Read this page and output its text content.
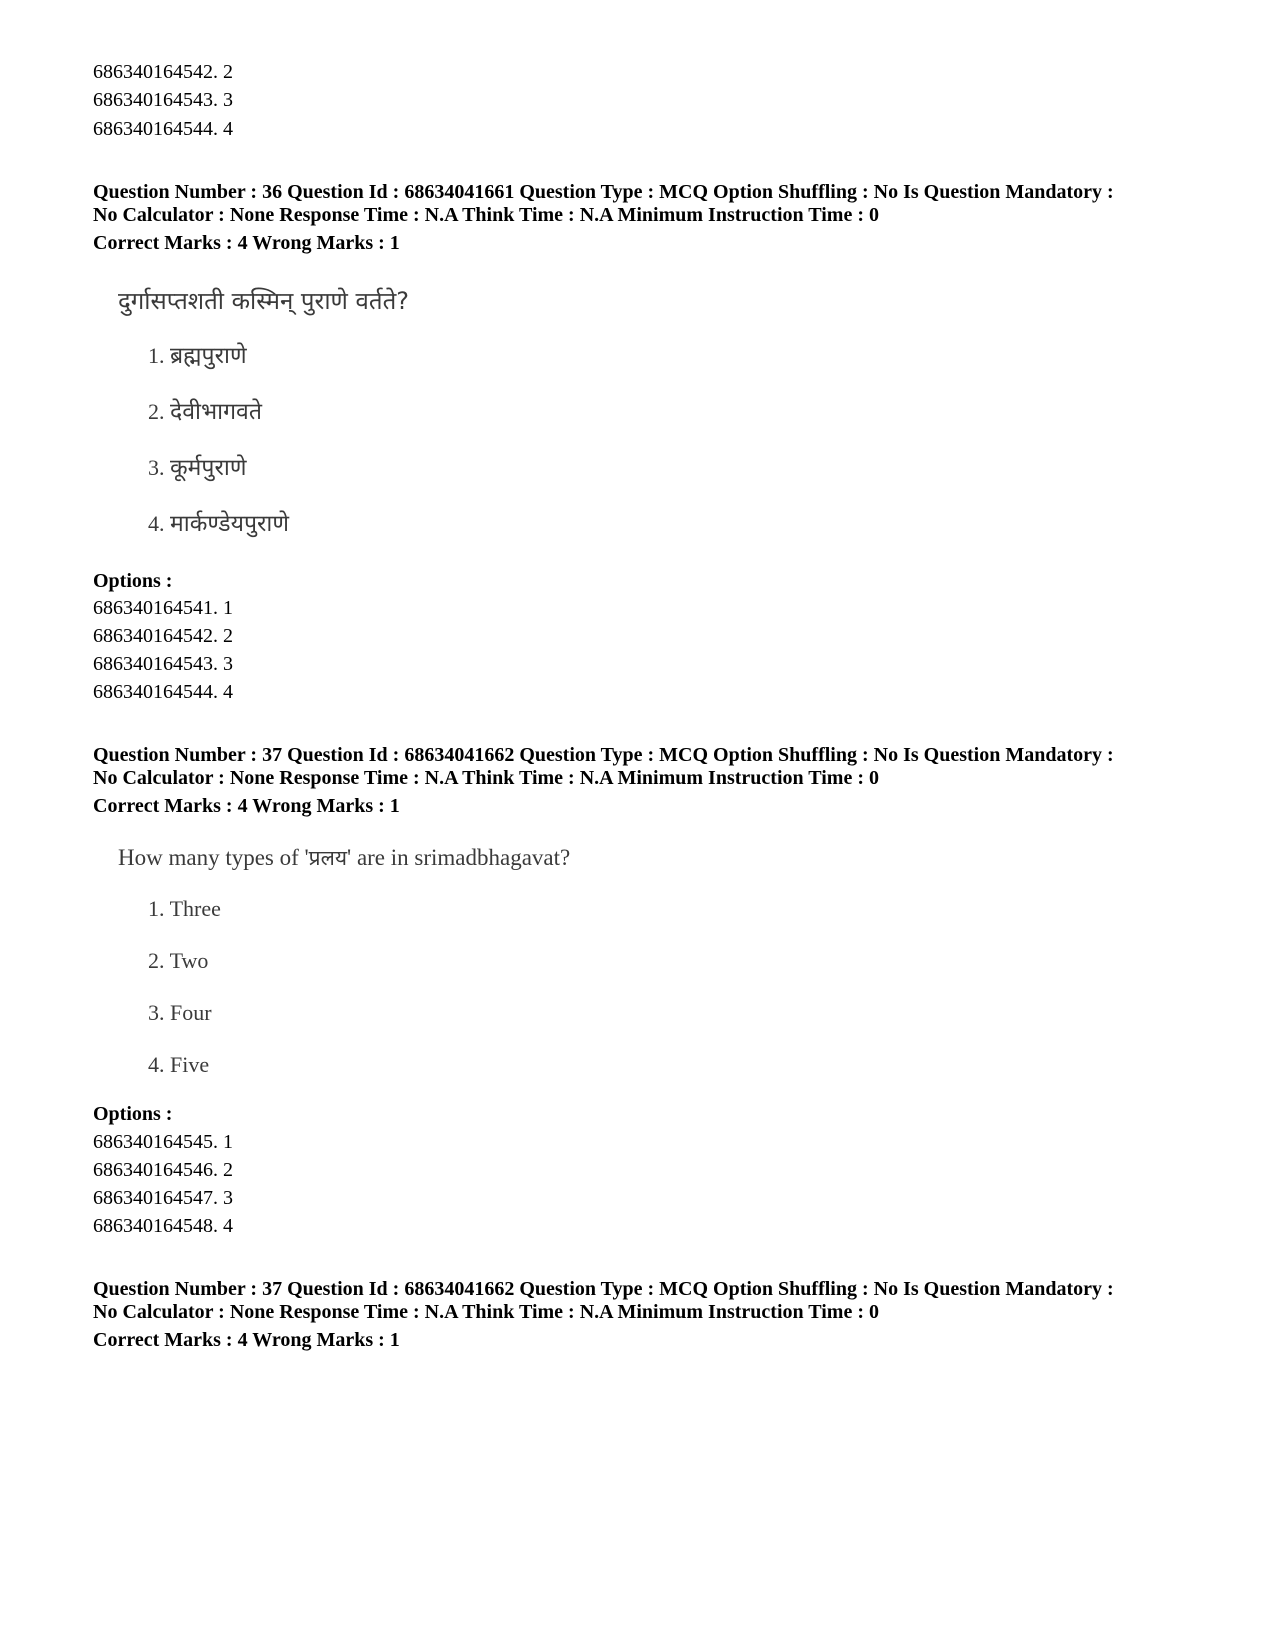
686340164542. 2
686340164543. 3
686340164544. 4
Question Number : 36 Question Id : 68634041661 Question Type : MCQ Option Shuffling : No Is Question Mandatory :
No Calculator : None Response Time : N.A Think Time : N.A Minimum Instruction Time : 0
Correct Marks : 4 Wrong Marks : 1
दुर्गासप्तशती कस्मिन् पुराणे वर्तते?
1. ब्रह्मपुराणे
2. देवीभागवते
3. कूर्मपुराणे
4. मार्कण्डेयपुराणे
Options :
686340164541. 1
686340164542. 2
686340164543. 3
686340164544. 4
Question Number : 37 Question Id : 68634041662 Question Type : MCQ Option Shuffling : No Is Question Mandatory :
No Calculator : None Response Time : N.A Think Time : N.A Minimum Instruction Time : 0
Correct Marks : 4 Wrong Marks : 1
How many types of 'प्रलय' are in srimadbhagavat?
1. Three
2. Two
3. Four
4. Five
Options :
686340164545. 1
686340164546. 2
686340164547. 3
686340164548. 4
Question Number : 37 Question Id : 68634041662 Question Type : MCQ Option Shuffling : No Is Question Mandatory :
No Calculator : None Response Time : N.A Think Time : N.A Minimum Instruction Time : 0
Correct Marks : 4 Wrong Marks : 1
